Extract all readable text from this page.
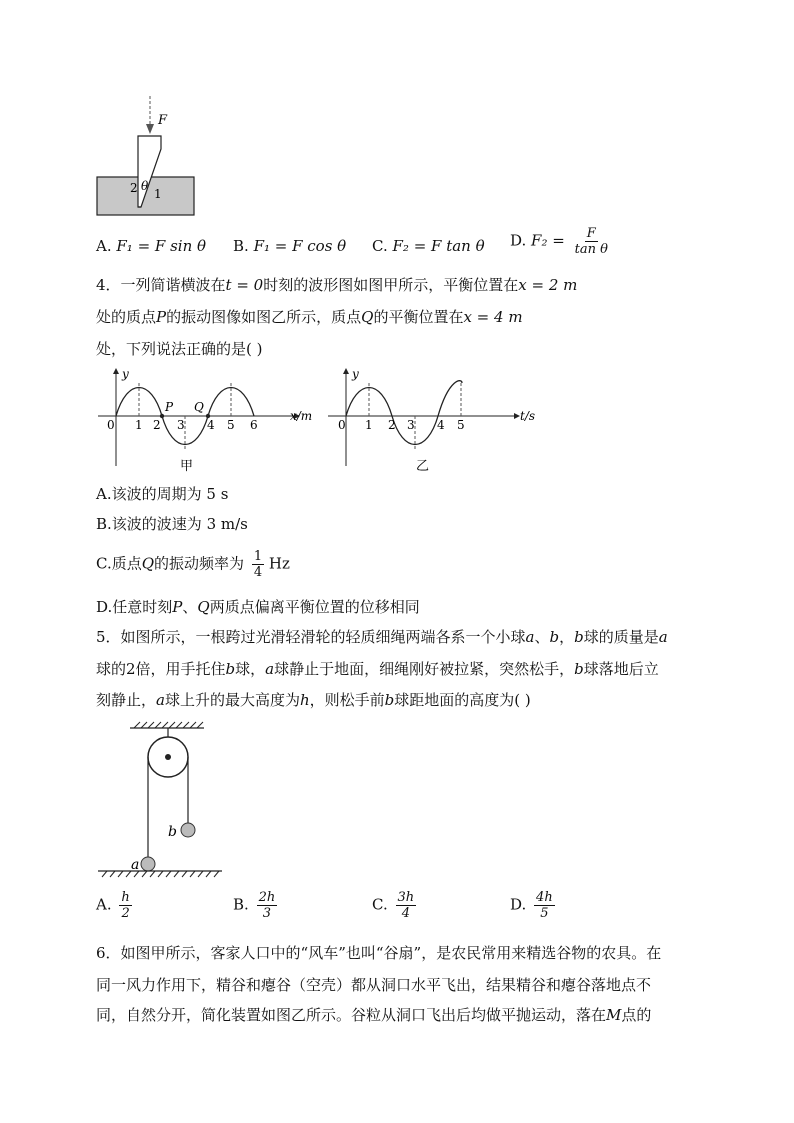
F
2 θ
1
A. F₁ = F sin θ B. F₁ = F cos θ C. F₂ = F tan θ D. $F_2 = \frac{F}{\text{tan θ}}$
4．一列简谐横波在t = 0时刻的波形图如图甲所示，平衡位置在x = 2 m
处的质点P的振动图像如图乙所示，质点Q的平衡位置在x = 4 m
处，下列说法正确的是( )
y
x/m
P Q
0 1 2 3 4 5 6
甲
y
t/s
0 1 2 3 4 5
乙
A.该波的周期为 5 s
B.该波的波速为 3 m/s
C.质点Q的振动频率为 $\frac{1}{4}$ Hz
D.任意时刻P、Q两质点偏离平衡位置的位移相同
5．如图所示，一根跨过光滑轻滑轮的轻质细绳两端各系一个小球a、b，b球的质量是a
球的2倍，用手托住b球，a球静止于地面，细绳刚好被拉紧，突然松手，b球落地后立
刻静止，a球上升的最大高度为h，则松手前b球距地面的高度为( )
b
a
A. $\frac{h}{2}$	B. $\frac{2h}{3}$	C. $\frac{3h}{4}$	D. $\frac{4h}{5}$
6．如图甲所示，客家人口中的“风车”也叫“谷扇”，是农民常用来精选谷物的农具。在
同一风力作用下，精谷和瘪谷（空壳）都从洞口水平飞出，结果精谷和瘪谷落地点不
同，自然分开，简化装置如图乙所示。谷粒从洞口飞出后均做平抛运动，落在M点的
